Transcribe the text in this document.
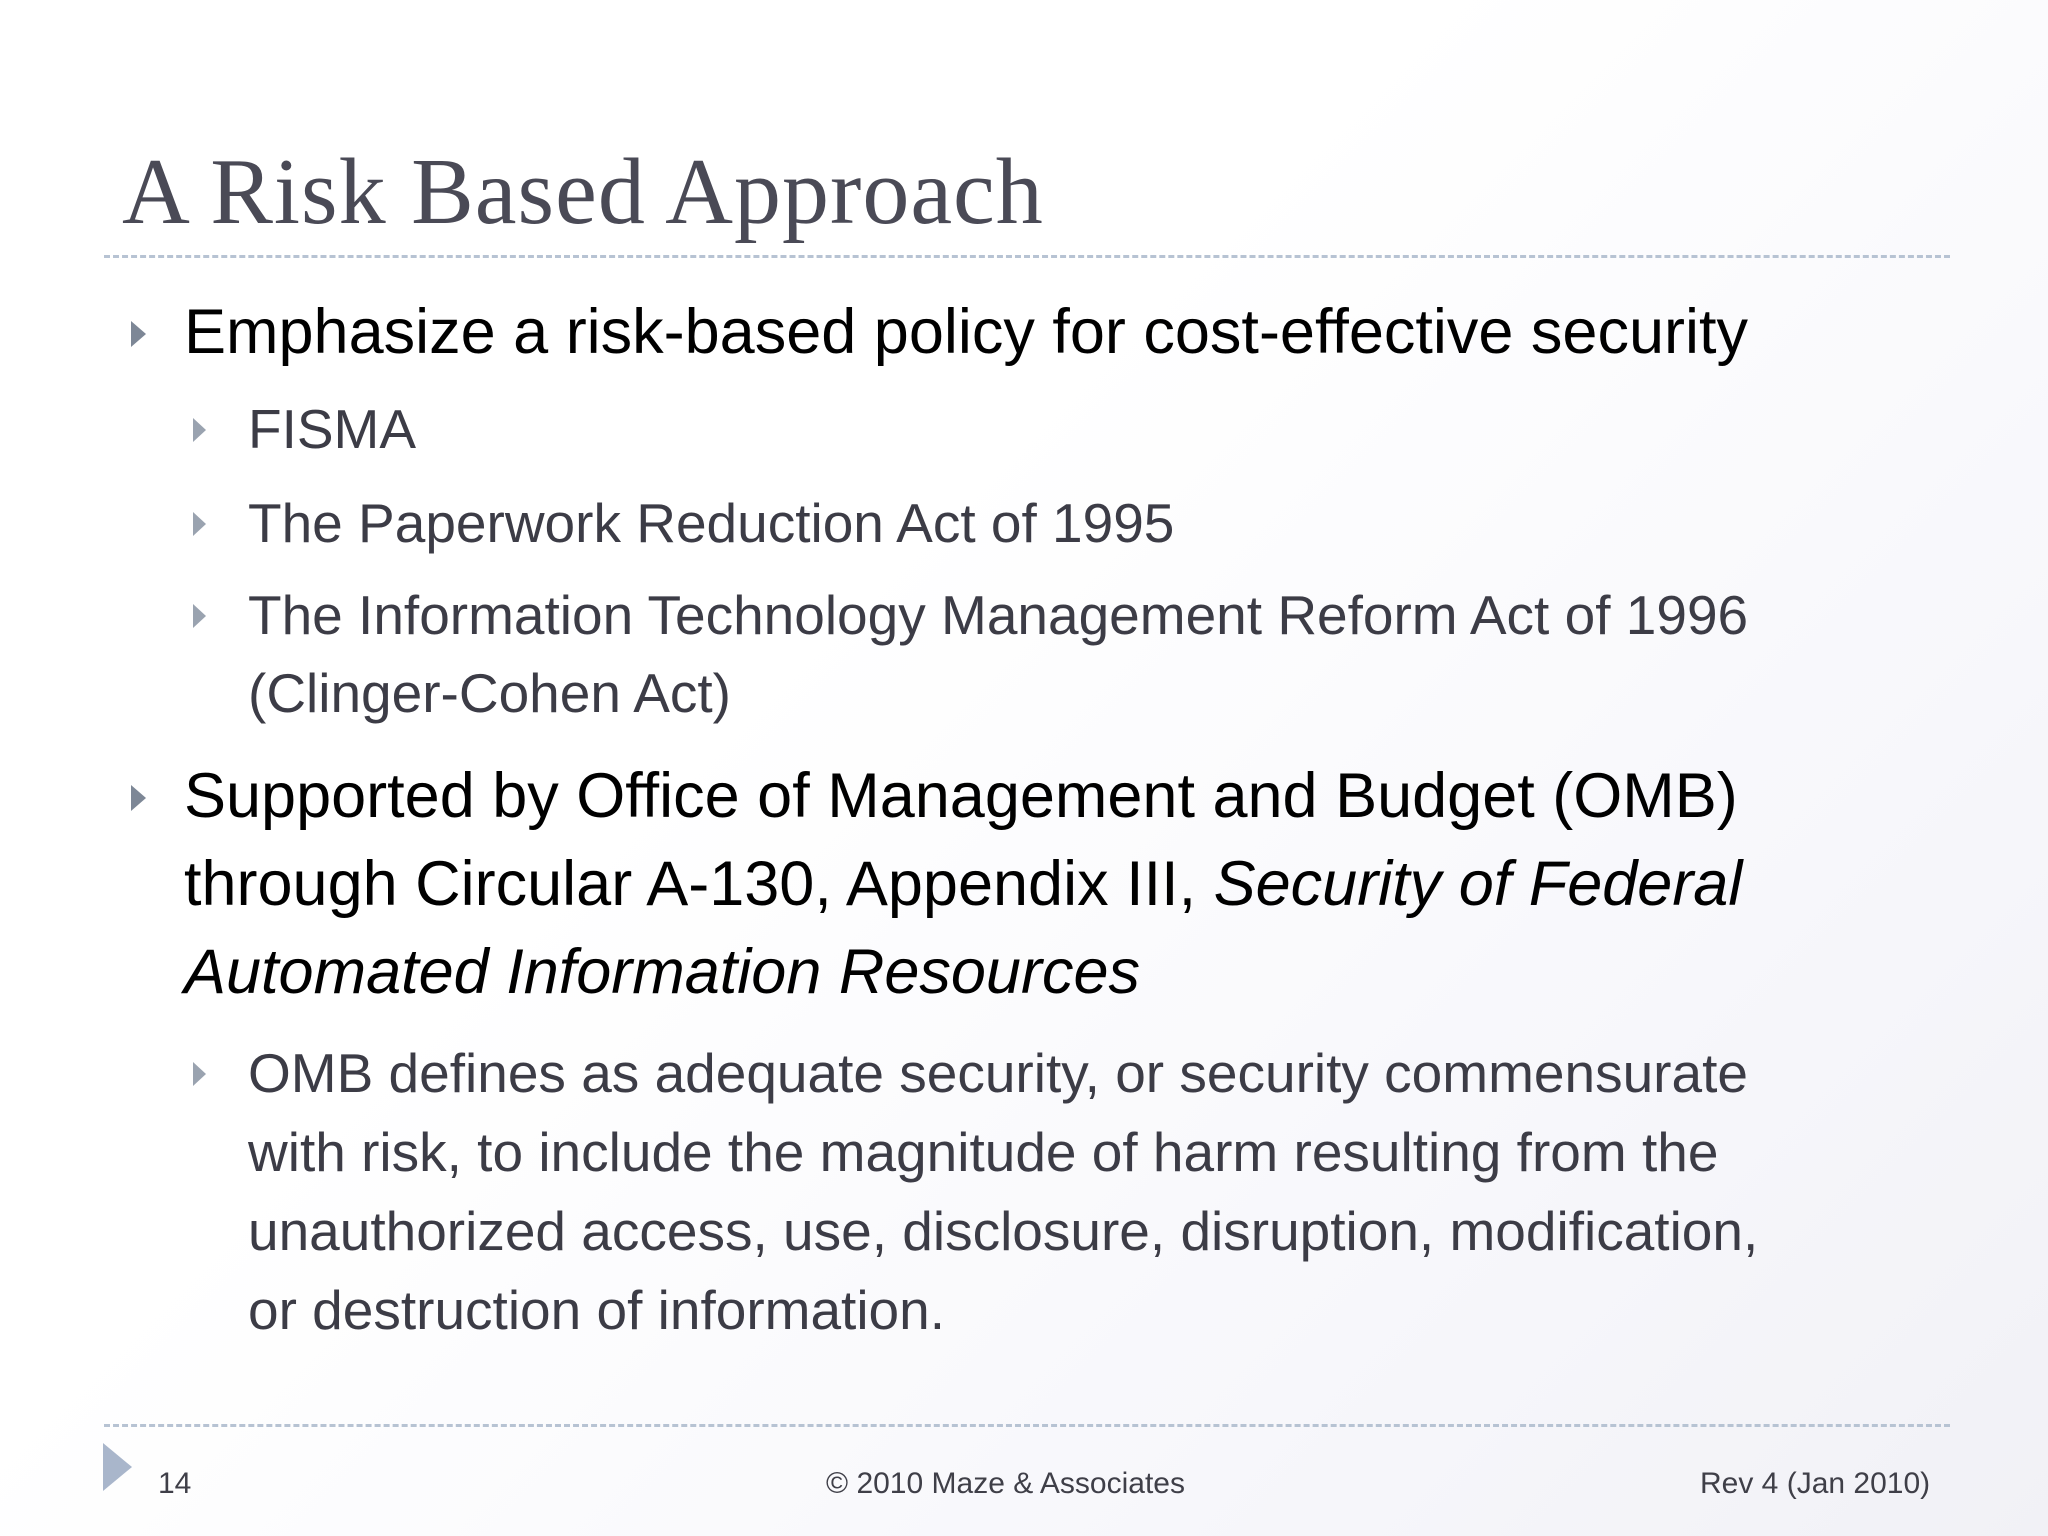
A Risk Based Approach
Emphasize a risk-based policy for cost-effective security
FISMA
The Paperwork Reduction Act of 1995
The Information Technology Management Reform Act of 1996
(Clinger-Cohen Act)
Supported by Office of Management and Budget (OMB)
through Circular A-130, Appendix III, Security of Federal
Automated Information Resources
OMB defines as adequate security, or security commensurate
with risk, to include the magnitude of harm resulting from the
unauthorized access, use, disclosure, disruption, modification,
or destruction of information.
14	© 2010 Maze & Associates	Rev 4 (Jan 2010)
